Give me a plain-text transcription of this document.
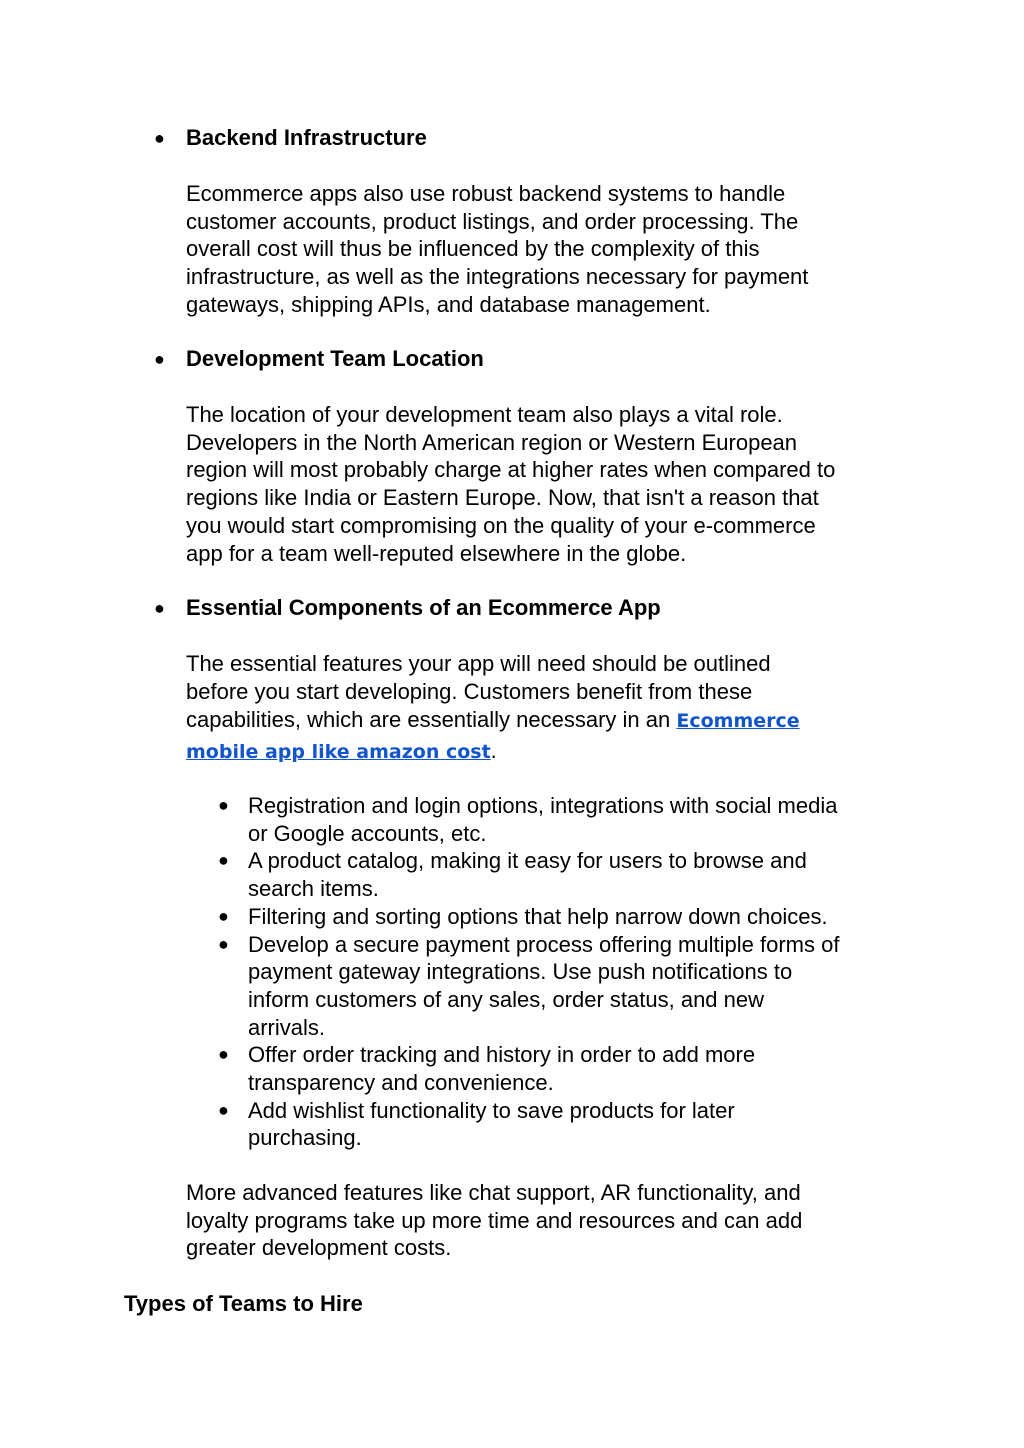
● Backend Infrastructure

Ecommerce apps also use robust backend systems to handle
customer accounts, product listings, and order processing. The
overall cost will thus be influenced by the complexity of this
infrastructure, as well as the integrations necessary for payment
gateways, shipping APIs, and database management.

● Development Team Location

The location of your development team also plays a vital role.
Developers in the North American region or Western European
region will most probably charge at higher rates when compared to
regions like India or Eastern Europe. Now, that isn't a reason that
you would start compromising on the quality of your e-commerce
app for a team well-reputed elsewhere in the globe.

● Essential Components of an Ecommerce App

The essential features your app will need should be outlined
before you start developing. Customers benefit from these
capabilities, which are essentially necessary in an Ecommerce
mobile app like amazon cost.

● Registration and login options, integrations with social media
or Google accounts, etc.
● A product catalog, making it easy for users to browse and
search items.
● Filtering and sorting options that help narrow down choices.
● Develop a secure payment process offering multiple forms of
payment gateway integrations. Use push notifications to
inform customers of any sales, order status, and new
arrivals.
● Offer order tracking and history in order to add more
transparency and convenience.
● Add wishlist functionality to save products for later
purchasing.

More advanced features like chat support, AR functionality, and
loyalty programs take up more time and resources and can add
greater development costs.

Types of Teams to Hire
